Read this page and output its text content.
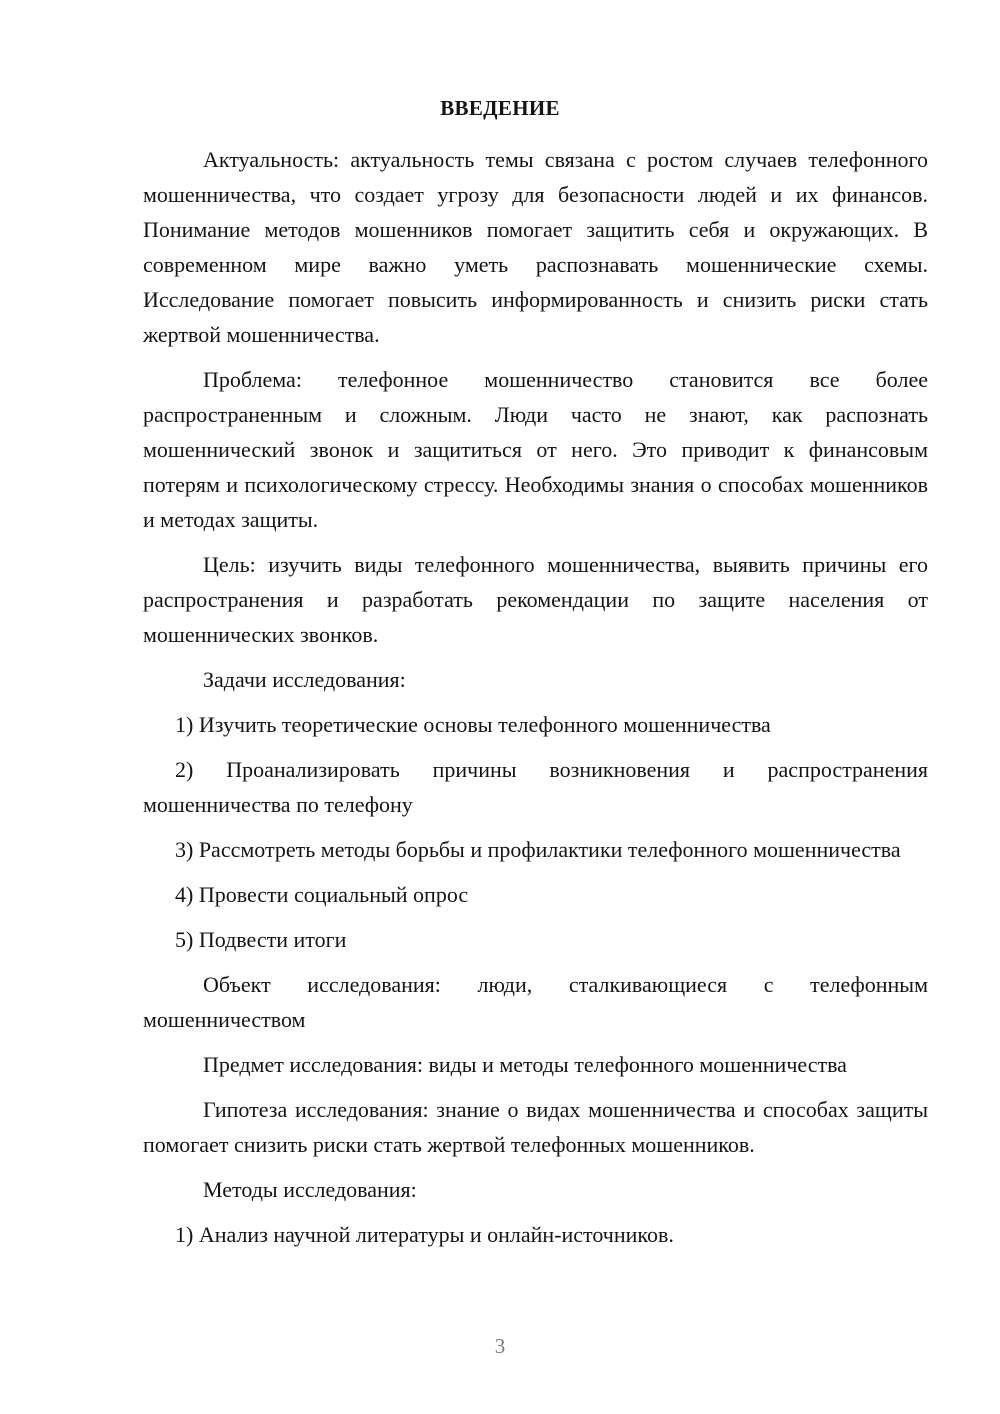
ВВЕДЕНИЕ

Актуальность: актуальность темы связана с ростом случаев телефонного мошенничества, что создает угрозу для безопасности людей и их финансов. Понимание методов мошенников помогает защитить себя и окружающих. В современном мире важно уметь распознавать мошеннические схемы. Исследование помогает повысить информированность и снизить риски стать жертвой мошенничества.

Проблема: телефонное мошенничество становится все более распространенным и сложным. Люди часто не знают, как распознать мошеннический звонок и защититься от него. Это приводит к финансовым потерям и психологическому стрессу. Необходимы знания о способах мошенников и методах защиты.

Цель: изучить виды телефонного мошенничества, выявить причины его распространения и разработать рекомендации по защите населения от мошеннических звонков.

Задачи исследования:

1) Изучить теоретические основы телефонного мошенничества

2) Проанализировать причины возникновения и распространения мошенничества по телефону

3) Рассмотреть методы борьбы и профилактики телефонного мошенничества

4) Провести социальный опрос

5) Подвести итоги

Объект исследования: люди, сталкивающиеся с телефонным мошенничеством

Предмет исследования: виды и методы телефонного мошенничества

Гипотеза исследования: знание о видах мошенничества и способах защиты помогает снизить риски стать жертвой телефонных мошенников.

Методы исследования:

1) Анализ научной литературы и онлайн-источников.

3
